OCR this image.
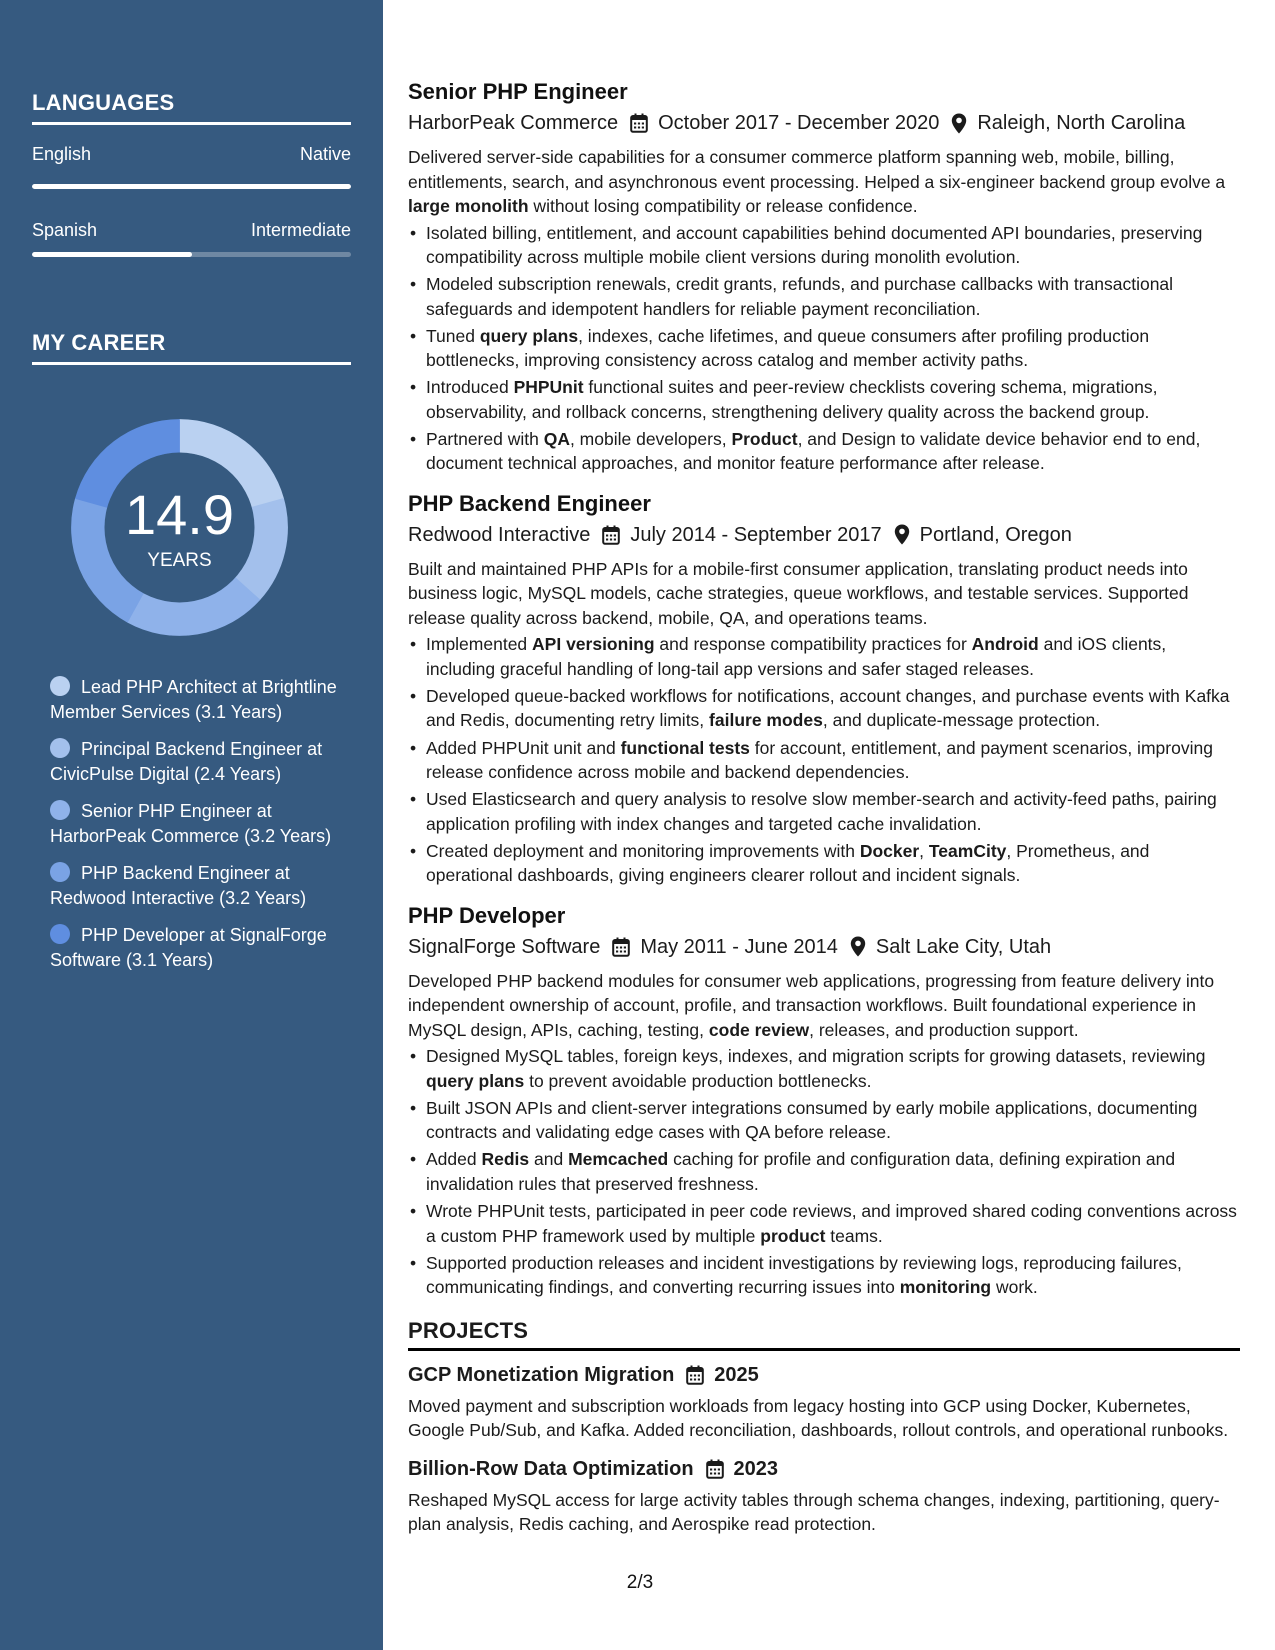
LANGUAGES
English	Native
Spanish	Intermediate
MY CAREER
14.9
YEARS
Lead PHP Architect at Brightline Member Services (3.1 Years)
Principal Backend Engineer at CivicPulse Digital (2.4 Years)
Senior PHP Engineer at HarborPeak Commerce (3.2 Years)
PHP Backend Engineer at Redwood Interactive (3.2 Years)
PHP Developer at SignalForge Software (3.1 Years)
Senior PHP Engineer
HarborPeak Commerce October 2017 - December 2020 Raleigh, North Carolina

Delivered server-side capabilities for a consumer commerce platform spanning web, mobile, billing, entitlements, search, and asynchronous event processing. Helped a six-engineer backend group evolve a large monolith without losing compatibility or release confidence.

• Isolated billing, entitlement, and account capabilities behind documented API boundaries, preserving compatibility across multiple mobile client versions during monolith evolution.
• Modeled subscription renewals, credit grants, refunds, and purchase callbacks with transactional safeguards and idempotent handlers for reliable payment reconciliation.
• Tuned query plans, indexes, cache lifetimes, and queue consumers after profiling production bottlenecks, improving consistency across catalog and member activity paths.
• Introduced PHPUnit functional suites and peer-review checklists covering schema, migrations, observability, and rollback concerns, strengthening delivery quality across the backend group.
• Partnered with QA, mobile developers, Product, and Design to validate device behavior end to end, document technical approaches, and monitor feature performance after release.
PHP Backend Engineer
Redwood Interactive July 2014 - September 2017 Portland, Oregon

Built and maintained PHP APIs for a mobile-first consumer application, translating product needs into business logic, MySQL models, cache strategies, queue workflows, and testable services. Supported release quality across backend, mobile, QA, and operations teams.

• Implemented API versioning and response compatibility practices for Android and iOS clients, including graceful handling of long-tail app versions and safer staged releases.
• Developed queue-backed workflows for notifications, account changes, and purchase events with Kafka and Redis, documenting retry limits, failure modes, and duplicate-message protection.
• Added PHPUnit unit and functional tests for account, entitlement, and payment scenarios, improving release confidence across mobile and backend dependencies.
• Used Elasticsearch and query analysis to resolve slow member-search and activity-feed paths, pairing application profiling with index changes and targeted cache invalidation.
• Created deployment and monitoring improvements with Docker, TeamCity, Prometheus, and operational dashboards, giving engineers clearer rollout and incident signals.
PHP Developer
SignalForge Software May 2011 - June 2014 Salt Lake City, Utah

Developed PHP backend modules for consumer web applications, progressing from feature delivery into independent ownership of account, profile, and transaction workflows. Built foundational experience in MySQL design, APIs, caching, testing, code review, releases, and production support.

• Designed MySQL tables, foreign keys, indexes, and migration scripts for growing datasets, reviewing query plans to prevent avoidable production bottlenecks.
• Built JSON APIs and client-server integrations consumed by early mobile applications, documenting contracts and validating edge cases with QA before release.
• Added Redis and Memcached caching for profile and configuration data, defining expiration and invalidation rules that preserved freshness.
• Wrote PHPUnit tests, participated in peer code reviews, and improved shared coding conventions across a custom PHP framework used by multiple product teams.
• Supported production releases and incident investigations by reviewing logs, reproducing failures, communicating findings, and converting recurring issues into monitoring work.
PROJECTS
GCP Monetization Migration 2025

Moved payment and subscription workloads from legacy hosting into GCP using Docker, Kubernetes, Google Pub/Sub, and Kafka. Added reconciliation, dashboards, rollout controls, and operational runbooks.

Billion-Row Data Optimization 2023

Reshaped MySQL access for large activity tables through schema changes, indexing, partitioning, query-plan analysis, Redis caching, and Aerospike read protection.

2/3
